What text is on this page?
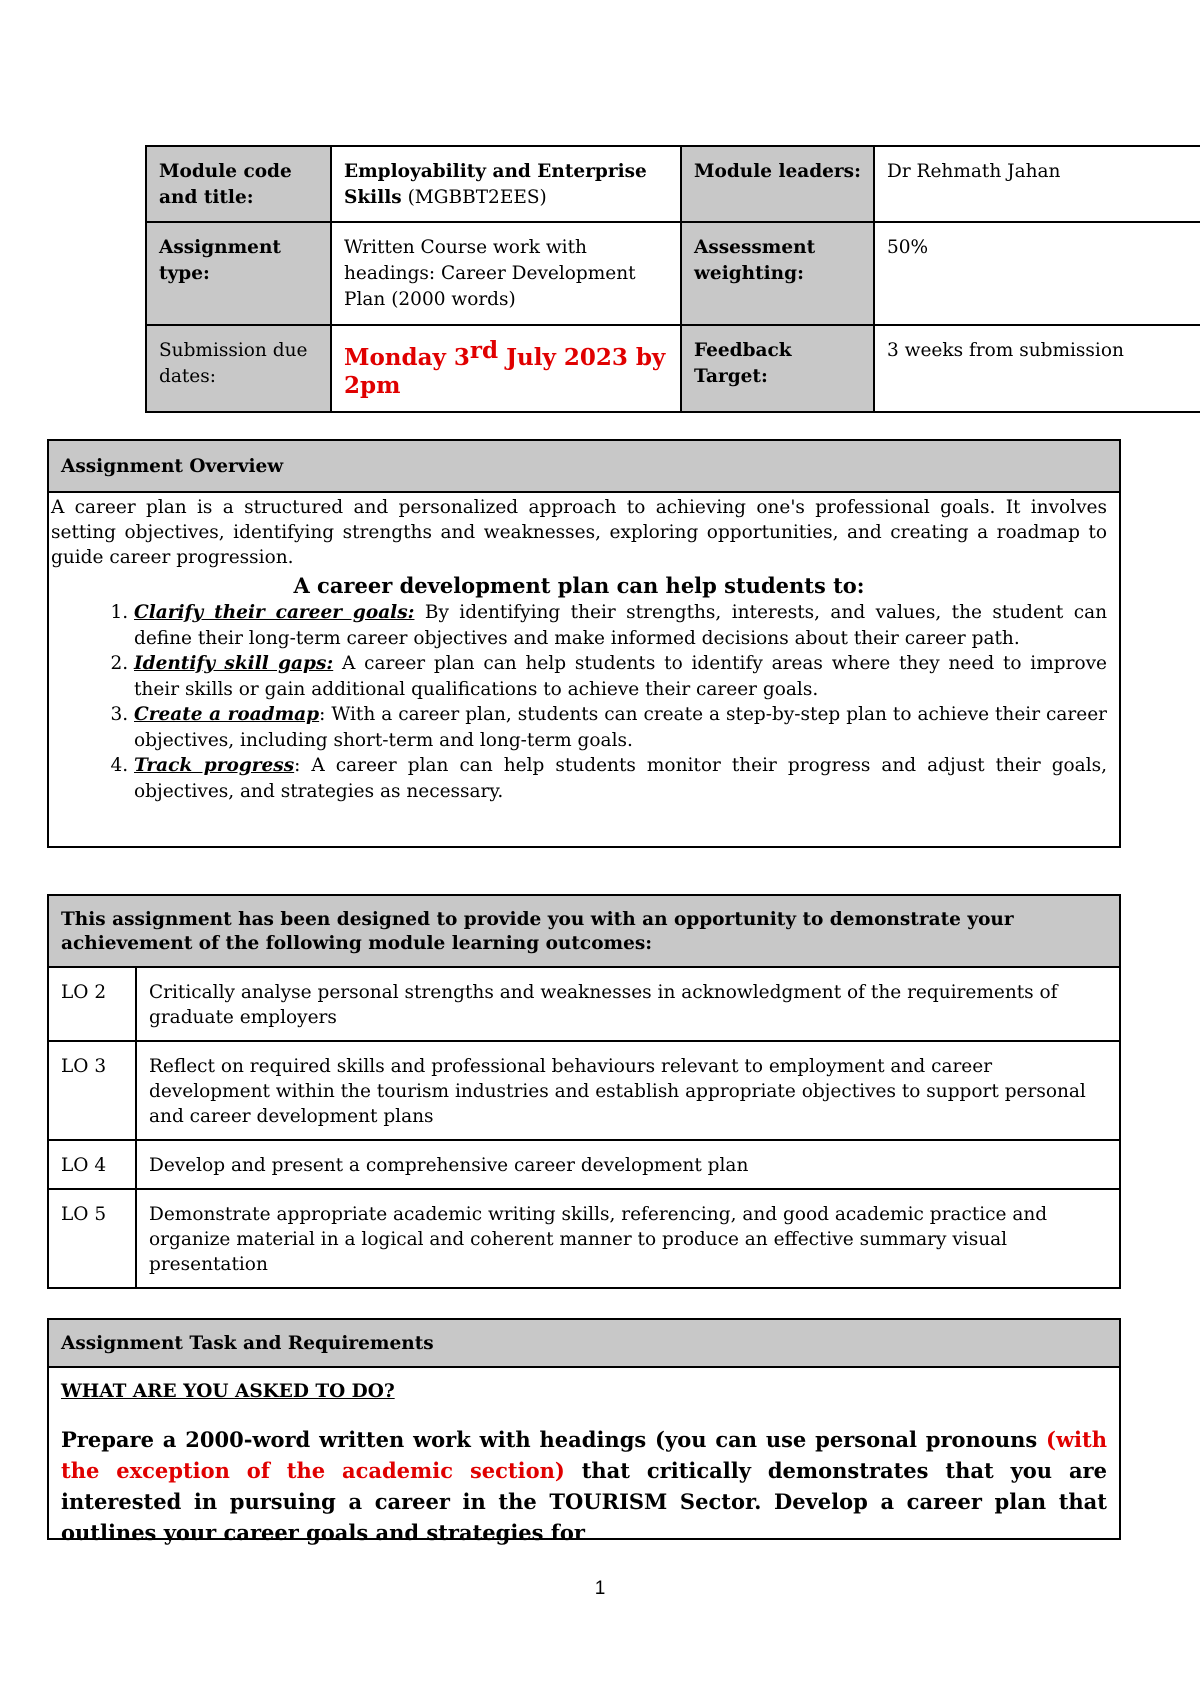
Module code and title:	Employability and Enterprise Skills (MGBBT2EES)	Module leaders:	Dr Rehmath Jahan
Assignment type:	Written Course work with headings: Career Development Plan (2000 words)	Assessment weighting:	50%
Submission due dates:	Monday 3rd July 2023 by 2pm	Feedback Target:	3 weeks from submission
Assignment Overview
A career plan is a structured and personalized approach to achieving one's professional goals. It involves setting objectives, identifying strengths and weaknesses, exploring opportunities, and creating a roadmap to guide career progression.
A career development plan can help students to:
1. Clarify their career goals: By identifying their strengths, interests, and values, the student can define their long-term career objectives and make informed decisions about their career path.
2. Identify skill gaps: A career plan can help students to identify areas where they need to improve their skills or gain additional qualifications to achieve their career goals.
3. Create a roadmap: With a career plan, students can create a step-by-step plan to achieve their career objectives, including short-term and long-term goals.
4. Track progress: A career plan can help students monitor their progress and adjust their goals, objectives, and strategies as necessary.
This assignment has been designed to provide you with an opportunity to demonstrate your achievement of the following module learning outcomes:
LO 2	Critically analyse personal strengths and weaknesses in acknowledgment of the requirements of graduate employers
LO 3	Reflect on required skills and professional behaviours relevant to employment and career development within the tourism industries and establish appropriate objectives to support personal and career development plans
LO 4	Develop and present a comprehensive career development plan
LO 5	Demonstrate appropriate academic writing skills, referencing, and good academic practice and organize material in a logical and coherent manner to produce an effective summary visual presentation
Assignment Task and Requirements
WHAT ARE YOU ASKED TO DO?
Prepare a 2000-word written work with headings (you can use personal pronouns (with the exception of the academic section) that critically demonstrates that you are interested in pursuing a career in the TOURISM Sector. Develop a career plan that outlines your career goals and strategies for
1
